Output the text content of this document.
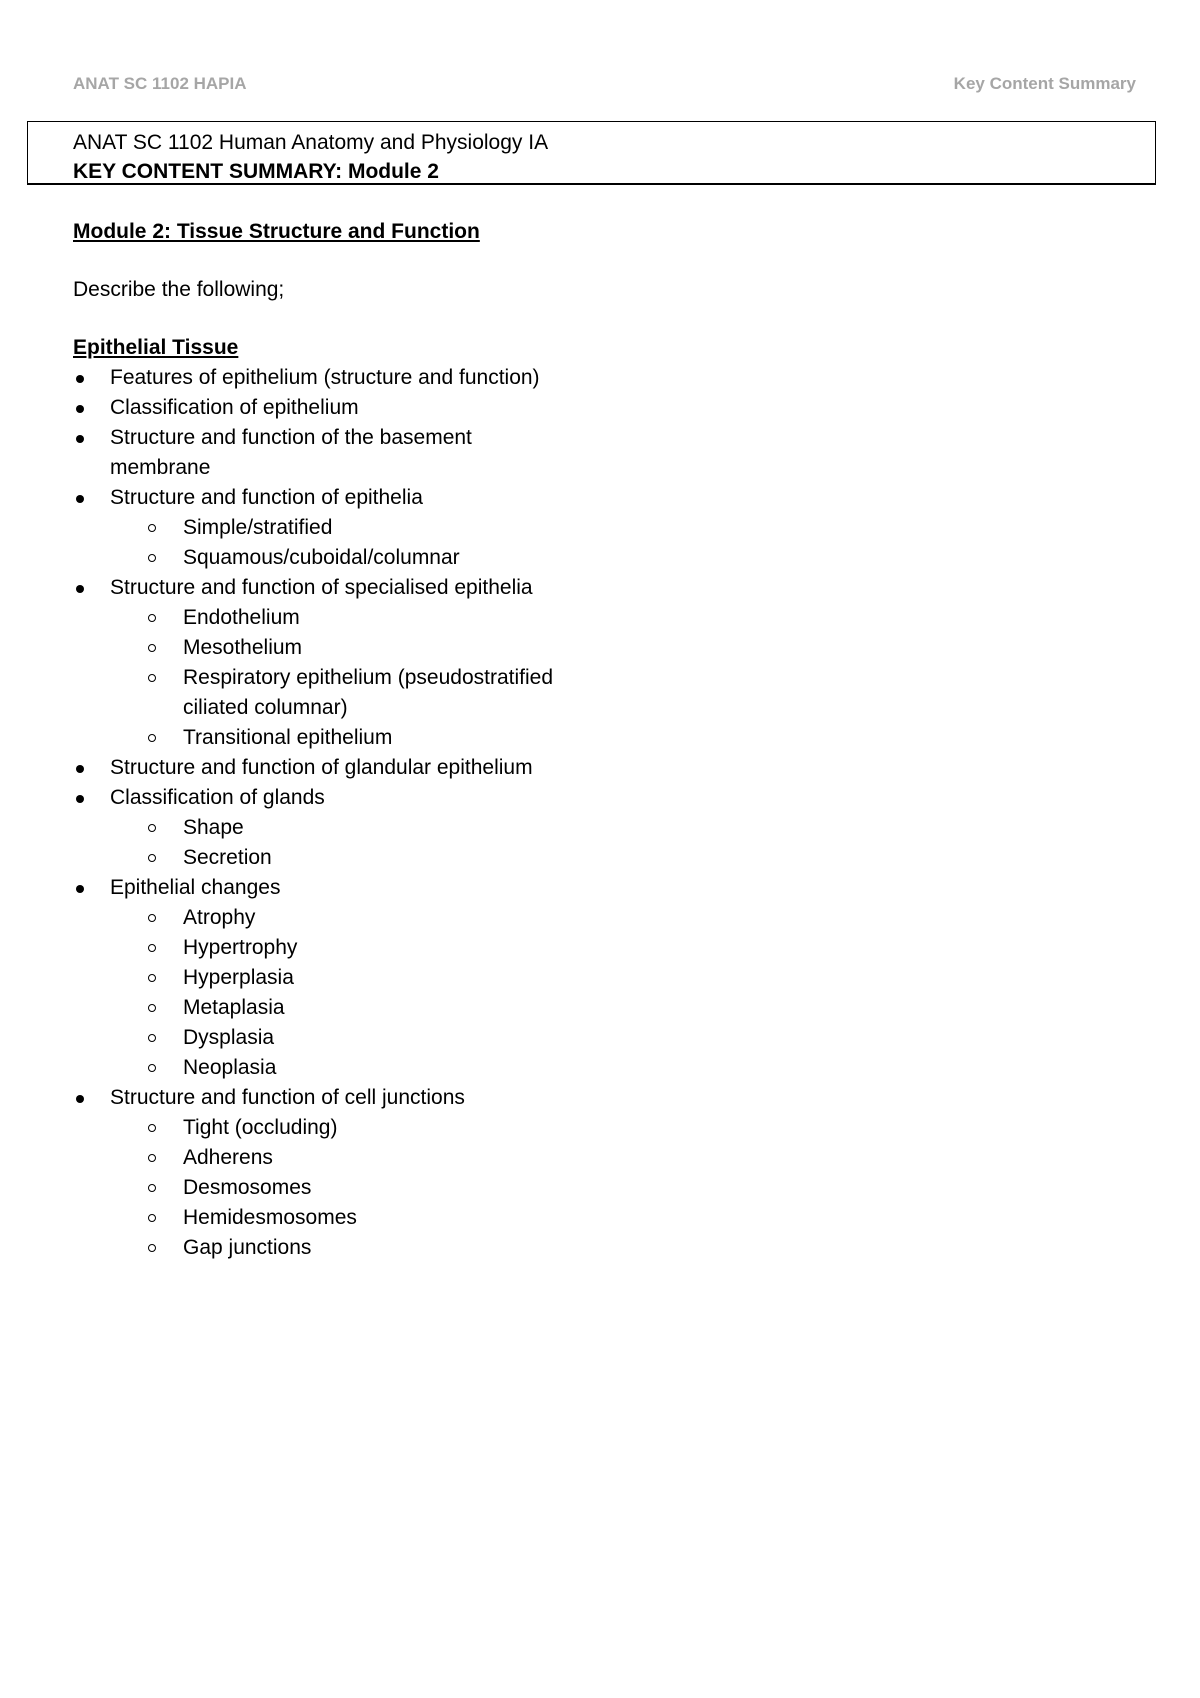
ANAT SC 1102 HAPIA	Key Content Summary
ANAT SC 1102 Human Anatomy and Physiology IA
KEY CONTENT SUMMARY: Module 2
Module 2: Tissue Structure and Function
Describe the following;
Epithelial Tissue
Features of epithelium (structure and function)
Classification of epithelium
Structure and function of the basement membrane
Structure and function of epithelia
Simple/stratified
Squamous/cuboidal/columnar
Structure and function of specialised epithelia
Endothelium
Mesothelium
Respiratory epithelium (pseudostratified ciliated columnar)
Transitional epithelium
Structure and function of glandular epithelium
Classification of glands
Shape
Secretion
Epithelial changes
Atrophy
Hypertrophy
Hyperplasia
Metaplasia
Dysplasia
Neoplasia
Structure and function of cell junctions
Tight (occluding)
Adherens
Desmosomes
Hemidesmosomes
Gap junctions
